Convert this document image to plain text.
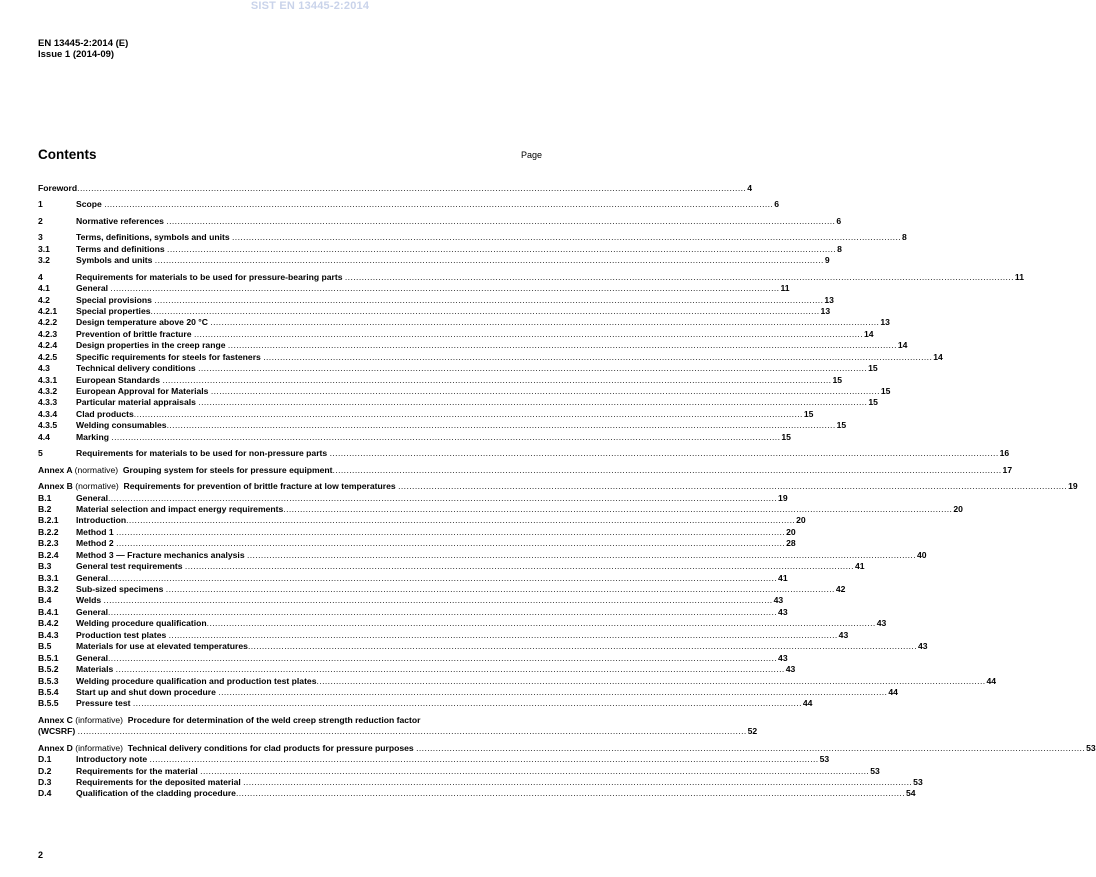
SIST EN 13445-2:2014
EN 13445-2:2014 (E)
Issue 1 (2014-09)
Contents	Page
Foreword................................................................................................................................................................................................................................................ 4
1	Scope ................................................................................................................................................................................................................................................ 6
2	Normative references ................................................................................................................................................................................................................................................ 6
3	Terms, definitions, symbols and units ................................................................................................................................................................................................................................................ 8
3.1	Terms and definitions ................................................................................................................................................................................................................................................ 8
3.2	Symbols and units ................................................................................................................................................................................................................................................ 9
4	Requirements for materials to be used for pressure-bearing parts ................................................................................................................................................................................................................................................ 11
4.1	General ................................................................................................................................................................................................................................................ 11
4.2	Special provisions ................................................................................................................................................................................................................................................ 13
4.2.1	Special properties................................................................................................................................................................................................................................................ 13
4.2.2	Design temperature above 20 °C ................................................................................................................................................................................................................................................ 13
4.2.3	Prevention of brittle fracture ................................................................................................................................................................................................................................................ 14
4.2.4	Design properties in the creep range ................................................................................................................................................................................................................................................ 14
4.2.5	Specific requirements for steels for fasteners ................................................................................................................................................................................................................................................ 14
4.3	Technical delivery conditions ................................................................................................................................................................................................................................................ 15
4.3.1	European Standards ................................................................................................................................................................................................................................................ 15
4.3.2	European Approval for Materials ................................................................................................................................................................................................................................................ 15
4.3.3	Particular material appraisals ................................................................................................................................................................................................................................................ 15
4.3.4	Clad products................................................................................................................................................................................................................................................ 15
4.3.5	Welding consumables................................................................................................................................................................................................................................................ 15
4.4	Marking ................................................................................................................................................................................................................................................ 15
5	Requirements for materials to be used for non-pressure parts ................................................................................................................................................................................................................................................ 16
Annex A (normative) Grouping system for steels for pressure equipment................................................................................................................................................................................................................................................ 17
Annex B (normative) Requirements for prevention of brittle fracture at low temperatures ................................................................................................................................................................................................................................................ 19
B.1	General................................................................................................................................................................................................................................................ 19
B.2	Material selection and impact energy requirements................................................................................................................................................................................................................................................ 20
B.2.1	Introduction................................................................................................................................................................................................................................................ 20
B.2.2	Method 1 ................................................................................................................................................................................................................................................ 20
B.2.3	Method 2 ................................................................................................................................................................................................................................................ 28
B.2.4	Method 3 — Fracture mechanics analysis ................................................................................................................................................................................................................................................ 40
B.3	General test requirements ................................................................................................................................................................................................................................................ 41
B.3.1	General................................................................................................................................................................................................................................................ 41
B.3.2	Sub-sized specimens ................................................................................................................................................................................................................................................ 42
B.4	Welds ................................................................................................................................................................................................................................................ 43
B.4.1	General................................................................................................................................................................................................................................................ 43
B.4.2	Welding procedure qualification................................................................................................................................................................................................................................................ 43
B.4.3	Production test plates ................................................................................................................................................................................................................................................ 43
B.5	Materials for use at elevated temperatures................................................................................................................................................................................................................................................ 43
B.5.1	General................................................................................................................................................................................................................................................ 43
B.5.2	Materials ................................................................................................................................................................................................................................................ 43
B.5.3	Welding procedure qualification and production test plates................................................................................................................................................................................................................................................ 44
B.5.4	Start up and shut down procedure ................................................................................................................................................................................................................................................ 44
B.5.5	Pressure test ................................................................................................................................................................................................................................................ 44
Annex C (informative) Procedure for determination of the weld creep strength reduction factor
(WCSRF) ................................................................................................................................................................................................................................................ 52
Annex D (informative) Technical delivery conditions for clad products for pressure purposes ................................................................................................................................................................................................................................................ 53
D.1	Introductory note ................................................................................................................................................................................................................................................ 53
D.2	Requirements for the material ................................................................................................................................................................................................................................................ 53
D.3	Requirements for the deposited material ................................................................................................................................................................................................................................................ 53
D.4	Qualification of the cladding procedure................................................................................................................................................................................................................................................ 54
2
